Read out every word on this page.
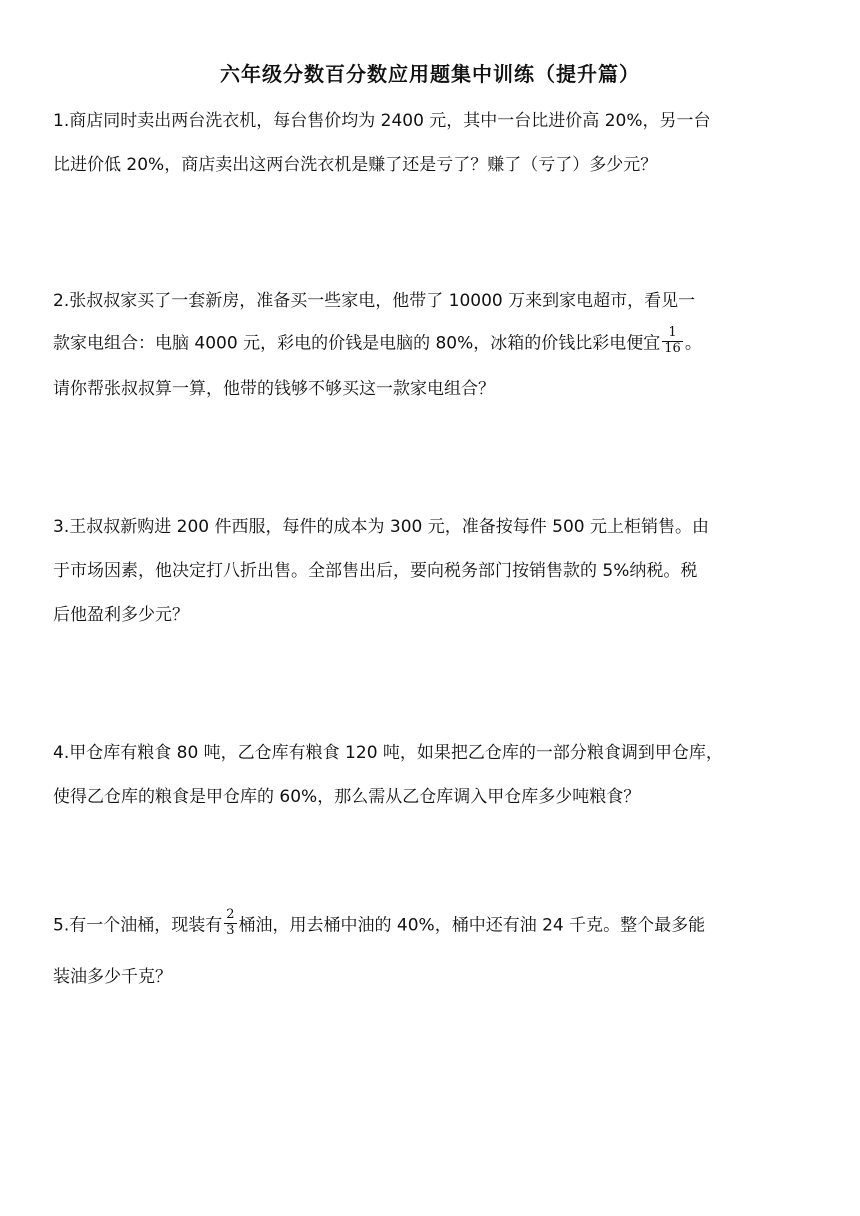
六年级分数百分数应用题集中训练（提升篇）
1.商店同时卖出两台洗衣机，每台售价均为 2400 元，其中一台比进价高 20%，另一台
比进价低 20%，商店卖出这两台洗衣机是赚了还是亏了？赚了（亏了）多少元？
2.张叔叔家买了一套新房，准备买一些家电，他带了 10000 万来到家电超市，看见一
款家电组合：电脑 4000 元，彩电的价钱是电脑的 80%，冰箱的价钱比彩电便宜 $\frac{1}{16}$ 。
请你帮张叔叔算一算，他带的钱够不够买这一款家电组合？
3.王叔叔新购进 200 件西服，每件的成本为 300 元，准备按每件 500 元上柜销售。由
于市场因素，他决定打八折出售。全部售出后，要向税务部门按销售款的 5%纳税。税
后他盈利多少元？
4.甲仓库有粮食 80 吨，乙仓库有粮食 120 吨，如果把乙仓库的一部分粮食调到甲仓库，
使得乙仓库的粮食是甲仓库的 60%，那么需从乙仓库调入甲仓库多少吨粮食？
5.有一个油桶，现装有 $\frac{2}{3}$ 桶油，用去桶中油的 40%，桶中还有油 24 千克。整个最多能
装油多少千克？
